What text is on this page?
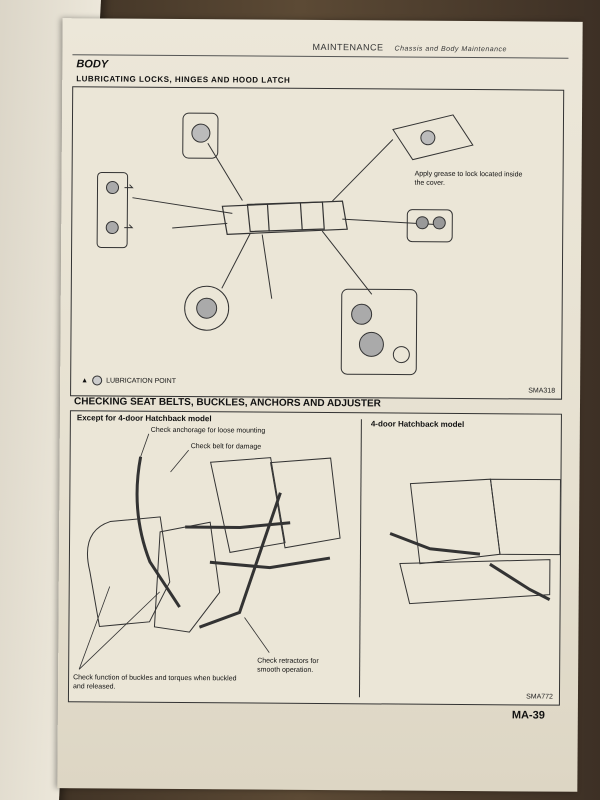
MAINTENANCE Chassis and Body Maintenance
BODY
LUBRICATING LOCKS, HINGES AND HOOD LATCH
Apply grease to lock located inside the cover.
▲	LUBRICATION POINT
SMA318
CHECKING SEAT BELTS, BUCKLES, ANCHORS AND ADJUSTER
Except for 4-door Hatchback model
4-door Hatchback model
Check anchorage for loose mounting
Check belt for damage
Check retractors for smooth operation.
Check function of buckles and torques when buckled and released.
SMA772
MA-39
